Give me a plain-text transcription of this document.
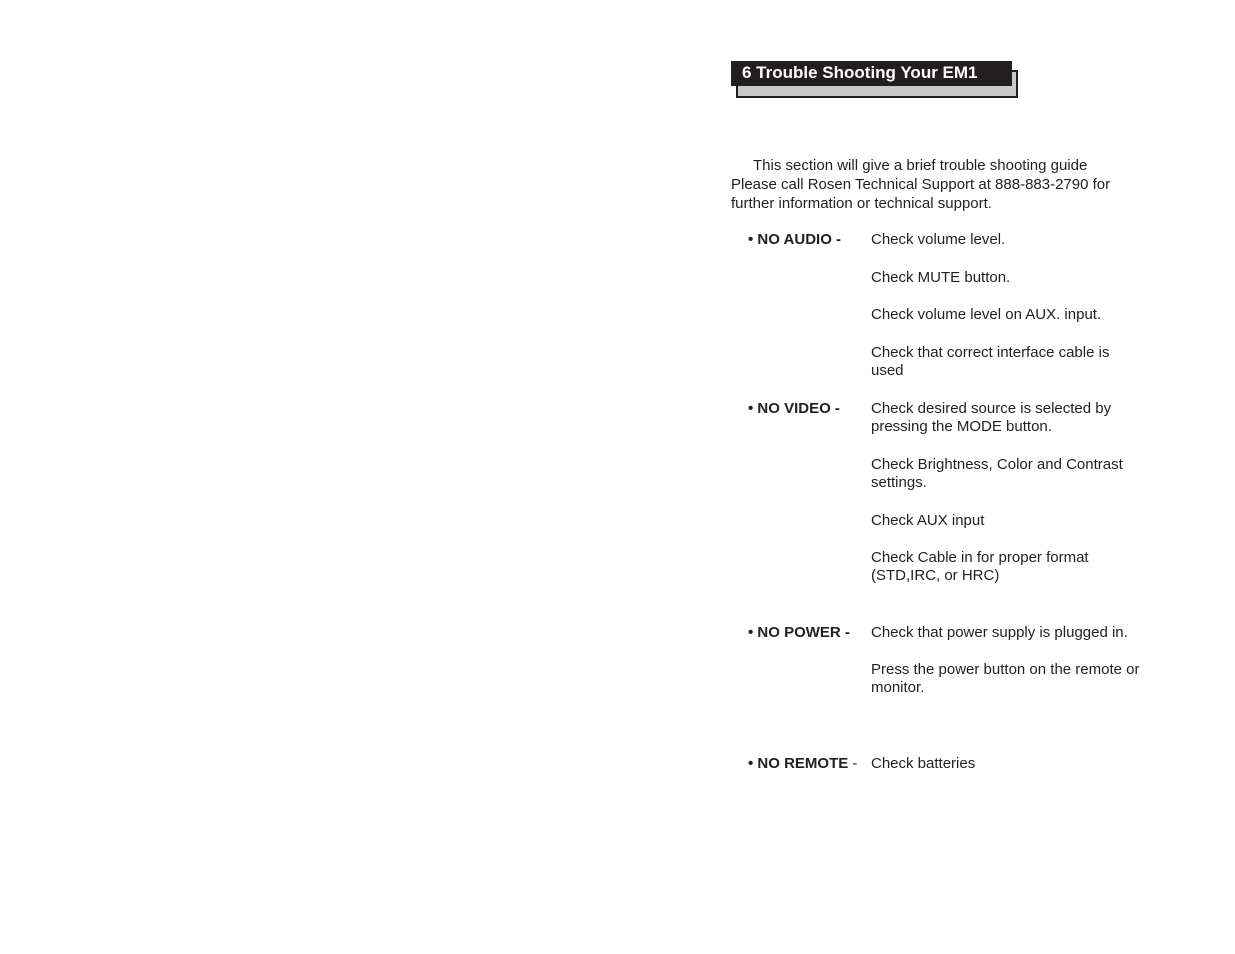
6 Trouble Shooting Your EM1
This section will give a brief trouble shooting guide
Please call Rosen Technical Support at 888-883-2790 for
further information or technical support.
• NO AUDIO - Check volume level.
Check MUTE button.
Check volume level on AUX. input.
Check that correct interface cable is
used
• NO VIDEO - Check desired source is selected by
pressing the MODE button.
Check Brightness, Color and Contrast
settings.
Check AUX input
Check Cable in for proper format
(STD,IRC, or HRC)
• NO POWER - Check that power supply is plugged in.
Press the power button on the remote or
monitor.
• NO REMOTE - Check batteries
